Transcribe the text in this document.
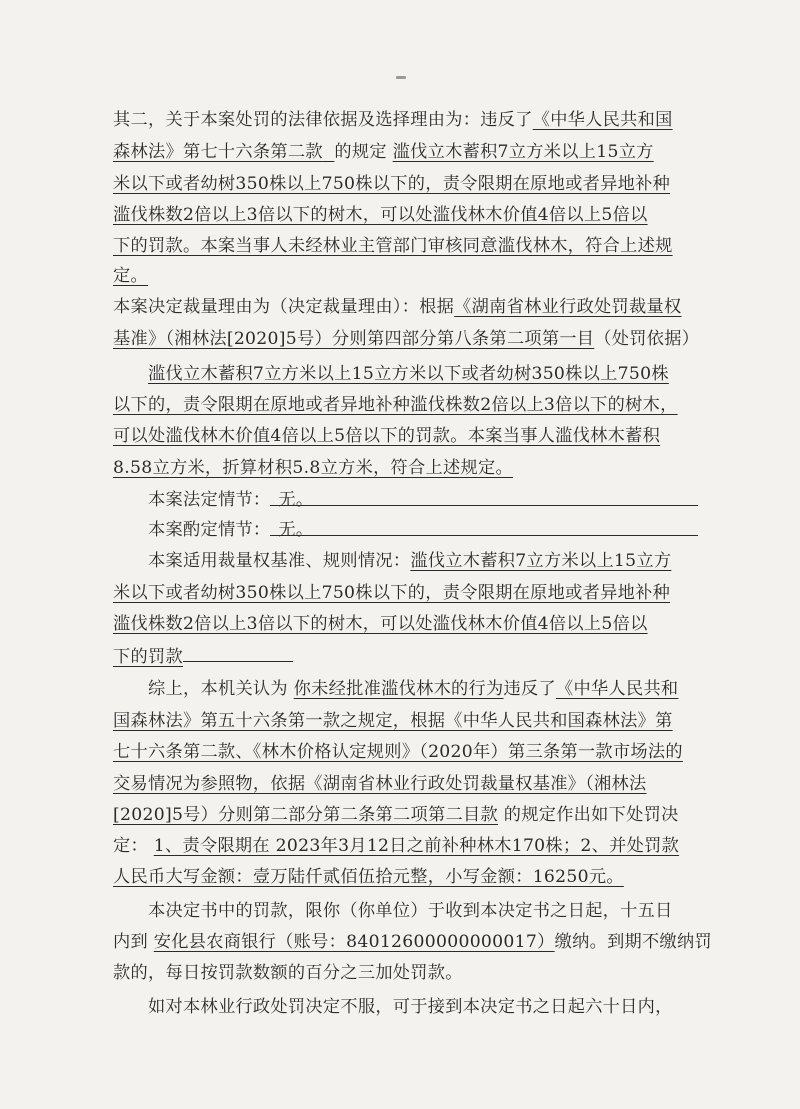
其二，关于本案处罚的法律依据及选择理由为：违反了《中华人民共和国
森林法》第七十六条第二款 的规定 滥伐立木蓄积7立方米以上15立方
米以下或者幼树350株以上750株以下的，责令限期在原地或者异地补种
滥伐株数2倍以上3倍以下的树木，可以处滥伐林木价值4倍以上5倍以
下的罚款。本案当事人未经林业主管部门审核同意滥伐林木，符合上述规
定。
本案决定裁量理由为（决定裁量理由）：根据《湖南省林业行政处罚裁量权
基准》（湘林法[2020]5号）分则第四部分第八条第二项第一目（处罚依据）
滥伐立木蓄积7立方米以上15立方米以下或者幼树350株以上750株
以下的，责令限期在原地或者异地补种滥伐株数2倍以上3倍以下的树木，
可以处滥伐林木价值4倍以上5倍以下的罚款。本案当事人滥伐林木蓄积
8.58立方米，折算材积5.8立方米，符合上述规定。
本案法定情节： 无。
本案酌定情节： 无。
本案适用裁量权基准、规则情况：滥伐立木蓄积7立方米以上15立方
米以下或者幼树350株以上750株以下的，责令限期在原地或者异地补种
滥伐株数2倍以上3倍以下的树木，可以处滥伐林木价值4倍以上5倍以
下的罚款
综上，本机关认为 你未经批准滥伐林木的行为违反了《中华人民共和
国森林法》第五十六条第一款之规定，根据《中华人民共和国森林法》第
七十六条第二款、《林木价格认定规则》（2020年）第三条第一款市场法的
交易情况为参照物，依据《湖南省林业行政处罚裁量权基准》（湘林法
[2020]5号）分则第二部分第二条第二项第二目款 的规定作出如下处罚决
定： 1、责令限期在 2023年3月12日之前补种林木170株；2、并处罚款
人民币大写金额：壹万陆仟贰佰伍拾元整，小写金额：16250元。
本决定书中的罚款，限你（你单位）于收到本决定书之日起，十五日
内到 安化县农商银行（账号：84012600000000017）缴纳。到期不缴纳罚
款的，每日按罚款数额的百分之三加处罚款。
如对本林业行政处罚决定不服，可于接到本决定书之日起六十日内，
